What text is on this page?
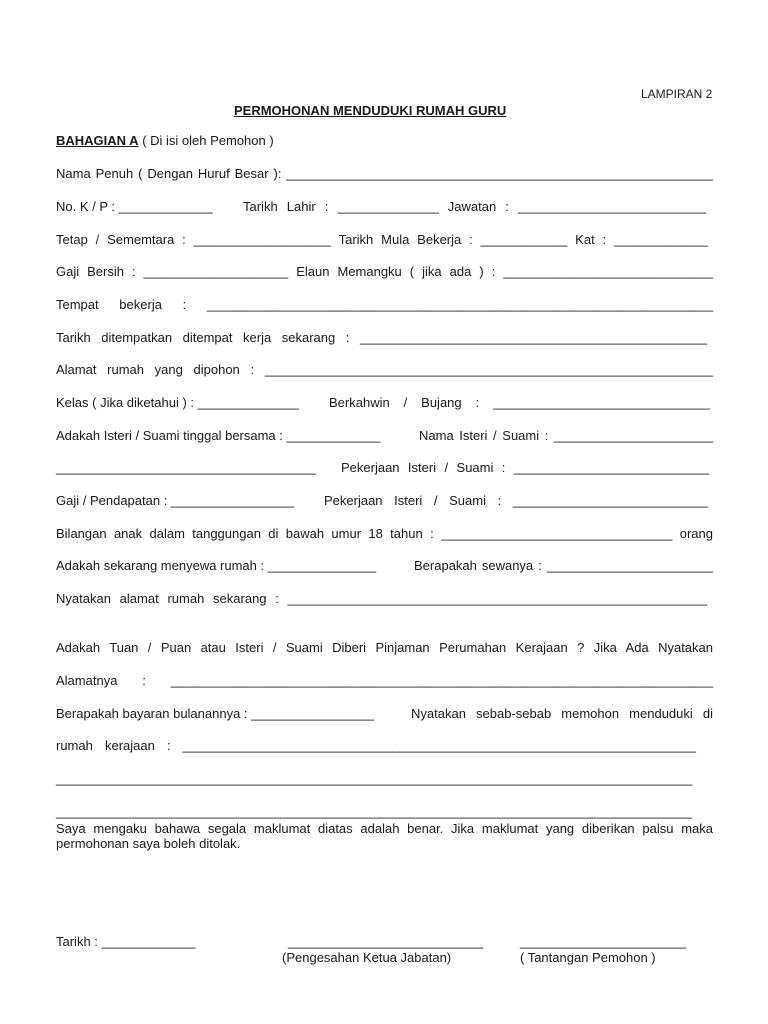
LAMPIRAN 2
PERMOHONAN MENDUDUKI RUMAH GURU
BAHAGIAN A ( Di isi oleh Pemohon )
Nama Penuh ( Dengan Huruf Besar ): ___________________________________________________________
No. K / P : _____________ Tarikh Lahir : ______________ Jawatan : __________________________
Tetap / Sememtara : ___________________ Tarikh Mula Bekerja : ____________ Kat : _____________
Gaji Bersih : ____________________ Elaun Memangku ( jika ada ) : _____________________________
Tempat bekerja : ______________________________________________________________________
Tarikh ditempatkan ditempat kerja sekarang : ________________________________________________
Alamat rumah yang dipohon : ______________________________________________________________
Kelas ( Jika diketahui ) : ______________ Berkahwin / Bujang : ______________________________
Adakah Isteri / Suami tinggal bersama : _____________	Nama Isteri / Suami : ______________________
____________________________________ Pekerjaan Isteri / Suami : ___________________________
Gaji / Pendapatan : _________________ Pekerjaan Isteri / Suami : ___________________________
Bilangan anak dalam tanggungan di bawah umur 18 tahun : ________________________________ orang
Adakah sekarang menyewa rumah : _______________	Berapakah sewanya : _______________________
Nyatakan alamat rumah sekarang : __________________________________________________________
Adakah Tuan / Puan atau Isteri / Suami Diberi Pinjaman Perumahan Kerajaan ? Jika Ada Nyatakan
Alamatnya : ___________________________________________________________________________
Berapakah bayaran bulanannya : _________________	Nyatakan sebab-sebab memohon menduduki di
rumah kerajaan : _______________________________________________________________________
________________________________________________________________________________________
________________________________________________________________________________________
Saya mengaku bahawa segala maklumat diatas adalah benar. Jika maklumat yang diberikan palsu maka permohonan saya boleh ditolak.
Tarikh : _____________	___________________________	_______________________
(Pengesahan Ketua Jabatan)	( Tantangan Pemohon )
